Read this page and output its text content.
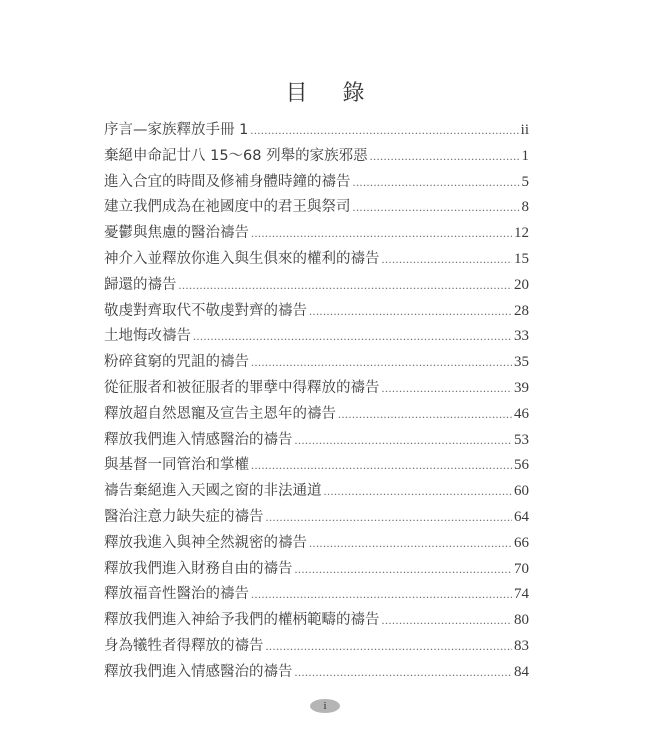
目 錄
序言—家族釋放手冊 1 .....	ii
棄絕申命記廿八 15～68 列舉的家族邪惡 .....	1
進入合宜的時間及修補身體時鐘的禱告 .....	5
建立我們成為在祂國度中的君王與祭司 .....	8
憂鬱與焦慮的醫治禱告 .....	12
神介入並釋放你進入與生俱來的權利的禱告 .....	15
歸還的禱告 .....	20
敬虔對齊取代不敬虔對齊的禱告 .....	28
土地悔改禱告 .....	33
粉碎貧窮的咒詛的禱告 .....	35
從征服者和被征服者的罪孽中得釋放的禱告 .....	39
釋放超自然恩寵及宣告主恩年的禱告 .....	46
釋放我們進入情感醫治的禱告 .....	53
與基督一同管治和掌權 .....	56
禱告棄絕進入天國之窗的非法通道 .....	60
醫治注意力缺失症的禱告 .....	64
釋放我進入與神全然親密的禱告 .....	66
釋放我們進入財務自由的禱告 .....	70
釋放福音性醫治的禱告 .....	74
釋放我們進入神給予我們的權柄範疇的禱告 .....	80
身為犧牲者得釋放的禱告 .....	83
釋放我們進入情感醫治的禱告 .....	84
i
